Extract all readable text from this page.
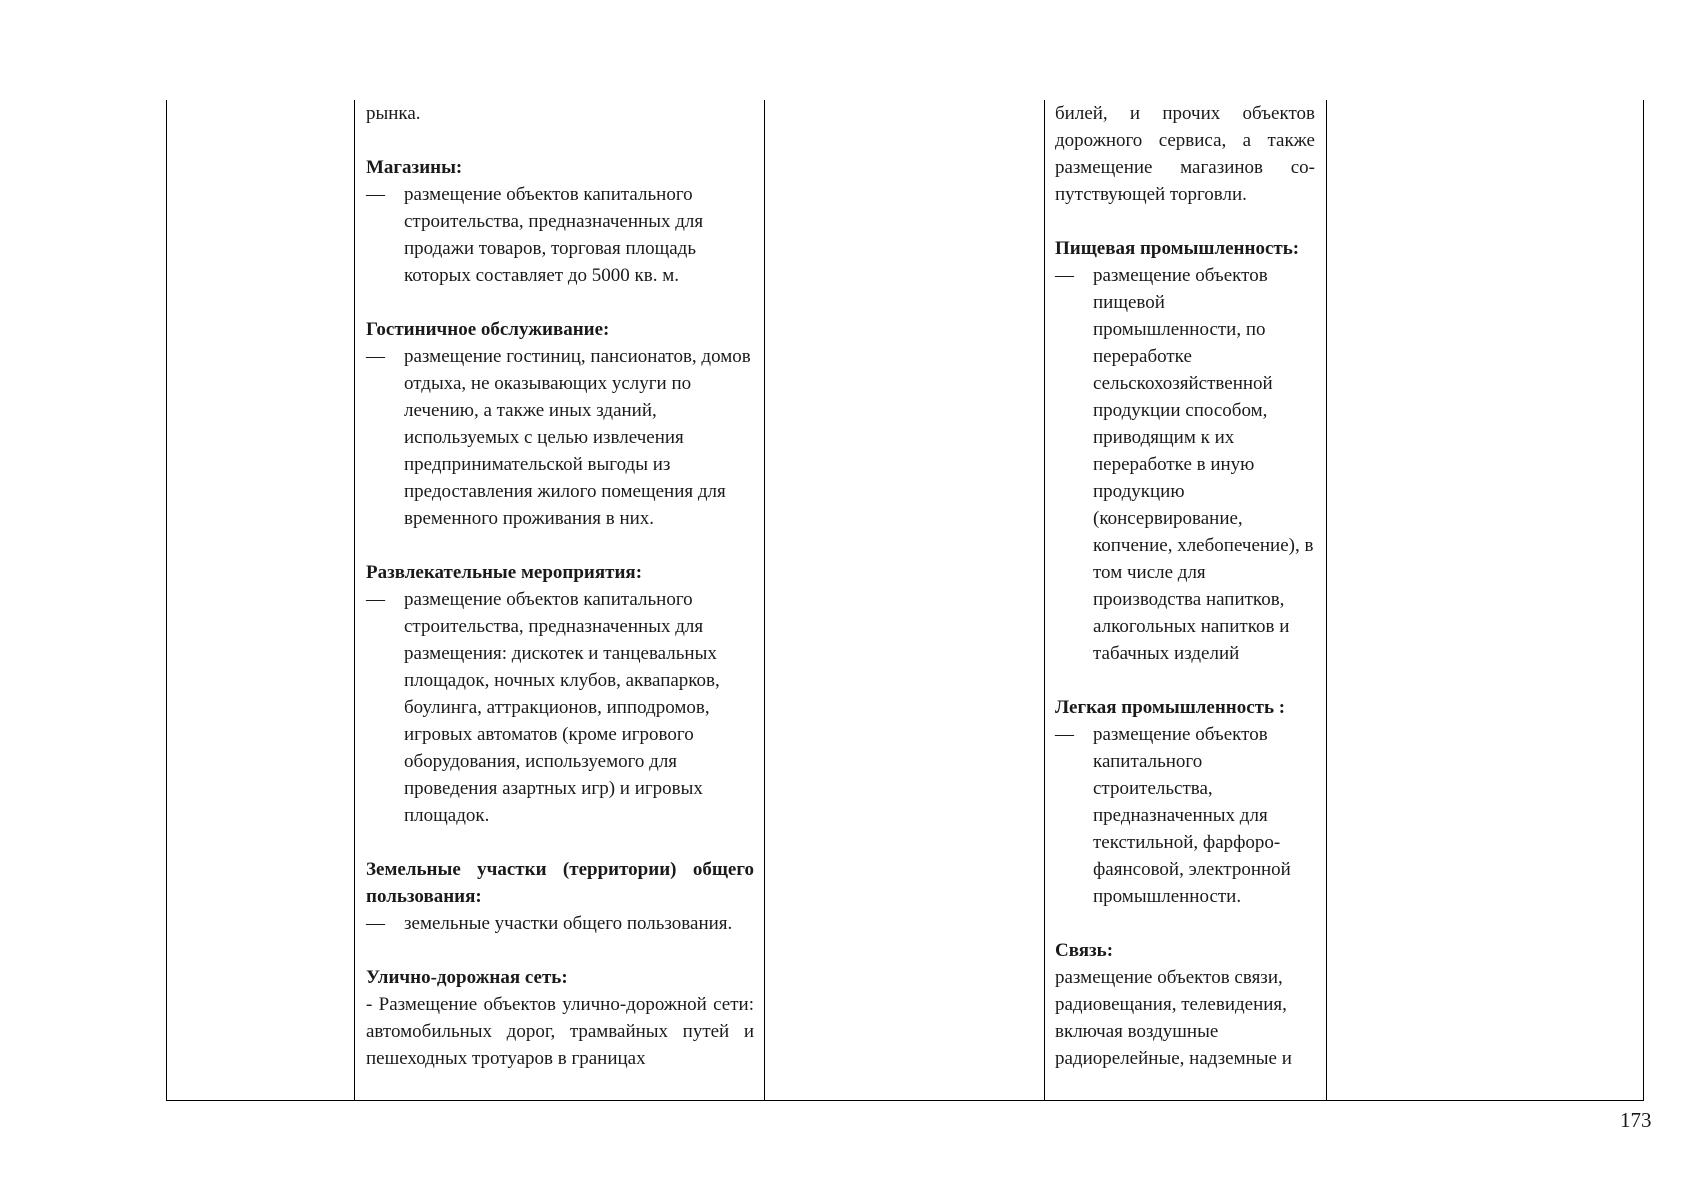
рынка.

Магазины:

—	размещение объектов капитального строительства, предназначенных для продажи товаров, торговая площадь которых составляет до 5000 кв. м.

Гостиничное обслуживание:

—	размещение гостиниц, пансионатов, домов отдыха, не оказывающих услуги по лечению, а также иных зданий, используемых с целью извлечения предпринимательской выгоды из предоставления жилого помещения для временного проживания в них.

Развлекательные мероприятия:

—	размещение объектов капитального строительства, предназначенных для размещения: дискотек и танцевальных площадок, ночных клубов, аквапарков, боулинга, аттракционов, ипподромов, игровых автоматов (кроме игрового оборудования, используемого для проведения азартных игр) и игровых площадок.

Земельные участки (территории) общего пользования:

—	земельные участки общего пользования.

Улично-дорожная сеть:

- Размещение объектов улично-дорожной сети: автомобильных дорог, трамвайных путей и пешеходных тротуаров в границах

билей, и прочих объектов дорожного сервиса, а также размещение магазинов со- путствующей торговли.

Пищевая промышленность:

—	размещение объектов пищевой промышленности, по переработке сельскохозяйственной продукции способом, приводящим к их переработке в иную продукцию (консервирование, копчение, хлебопечение), в том числе для производства напитков, алкогольных напитков и табачных изделий

Легкая промышленность :

—	размещение объектов капитального строительства, предназначенных для текстильной, фарфоро- фаянсовой, электронной промышленности.

Связь:

размещение объектов связи, радиовещания, телевидения, включая воздушные радиорелейные, надземные и

173
